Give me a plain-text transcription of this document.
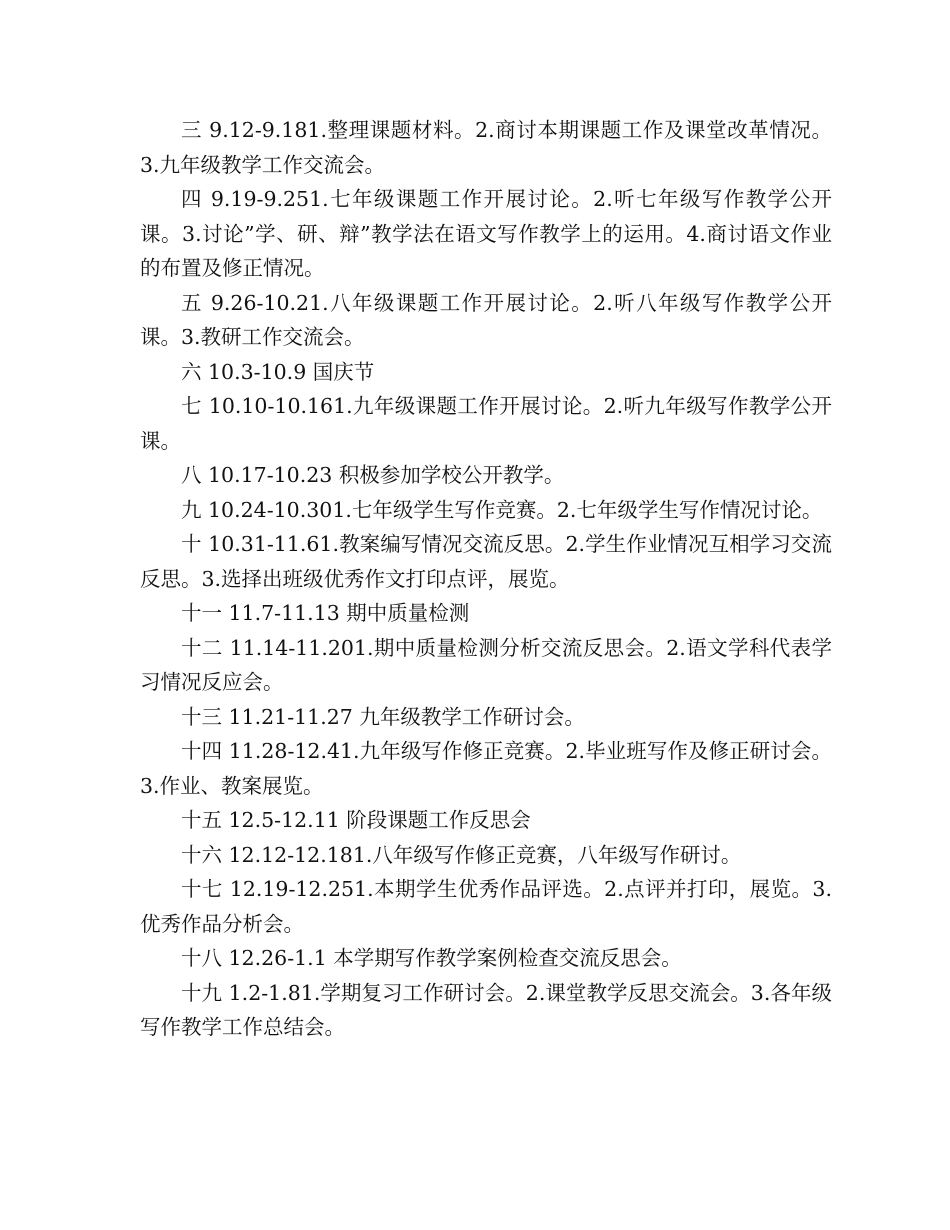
三 9.12-9.181.整理课题材料。2.商讨本期课题工作及课堂改革情况。3.九年级教学工作交流会。

四 9.19-9.251.七年级课题工作开展讨论。2.听七年级写作教学公开课。3.讨论”学、研、辩”教学法在语文写作教学上的运用。4.商讨语文作业的布置及修正情况。

五 9.26-10.21.八年级课题工作开展讨论。2.听八年级写作教学公开课。3.教研工作交流会。

六 10.3-10.9 国庆节

七 10.10-10.161.九年级课题工作开展讨论。2.听九年级写作教学公开课。

八 10.17-10.23 积极参加学校公开教学。

九 10.24-10.301.七年级学生写作竞赛。2.七年级学生写作情况讨论。

十 10.31-11.61.教案编写情况交流反思。2.学生作业情况互相学习交流反思。3.选择出班级优秀作文打印点评，展览。

十一 11.7-11.13 期中质量检测

十二 11.14-11.201.期中质量检测分析交流反思会。2.语文学科代表学习情况反应会。

十三 11.21-11.27 九年级教学工作研讨会。

十四 11.28-12.41.九年级写作修正竞赛。2.毕业班写作及修正研讨会。3.作业、教案展览。

十五 12.5-12.11 阶段课题工作反思会

十六 12.12-12.181.八年级写作修正竞赛，八年级写作研讨。

十七 12.19-12.251.本期学生优秀作品评选。2.点评并打印，展览。3.优秀作品分析会。

十八 12.26-1.1 本学期写作教学案例检查交流反思会。

十九 1.2-1.81.学期复习工作研讨会。2.课堂教学反思交流会。3.各年级写作教学工作总结会。
